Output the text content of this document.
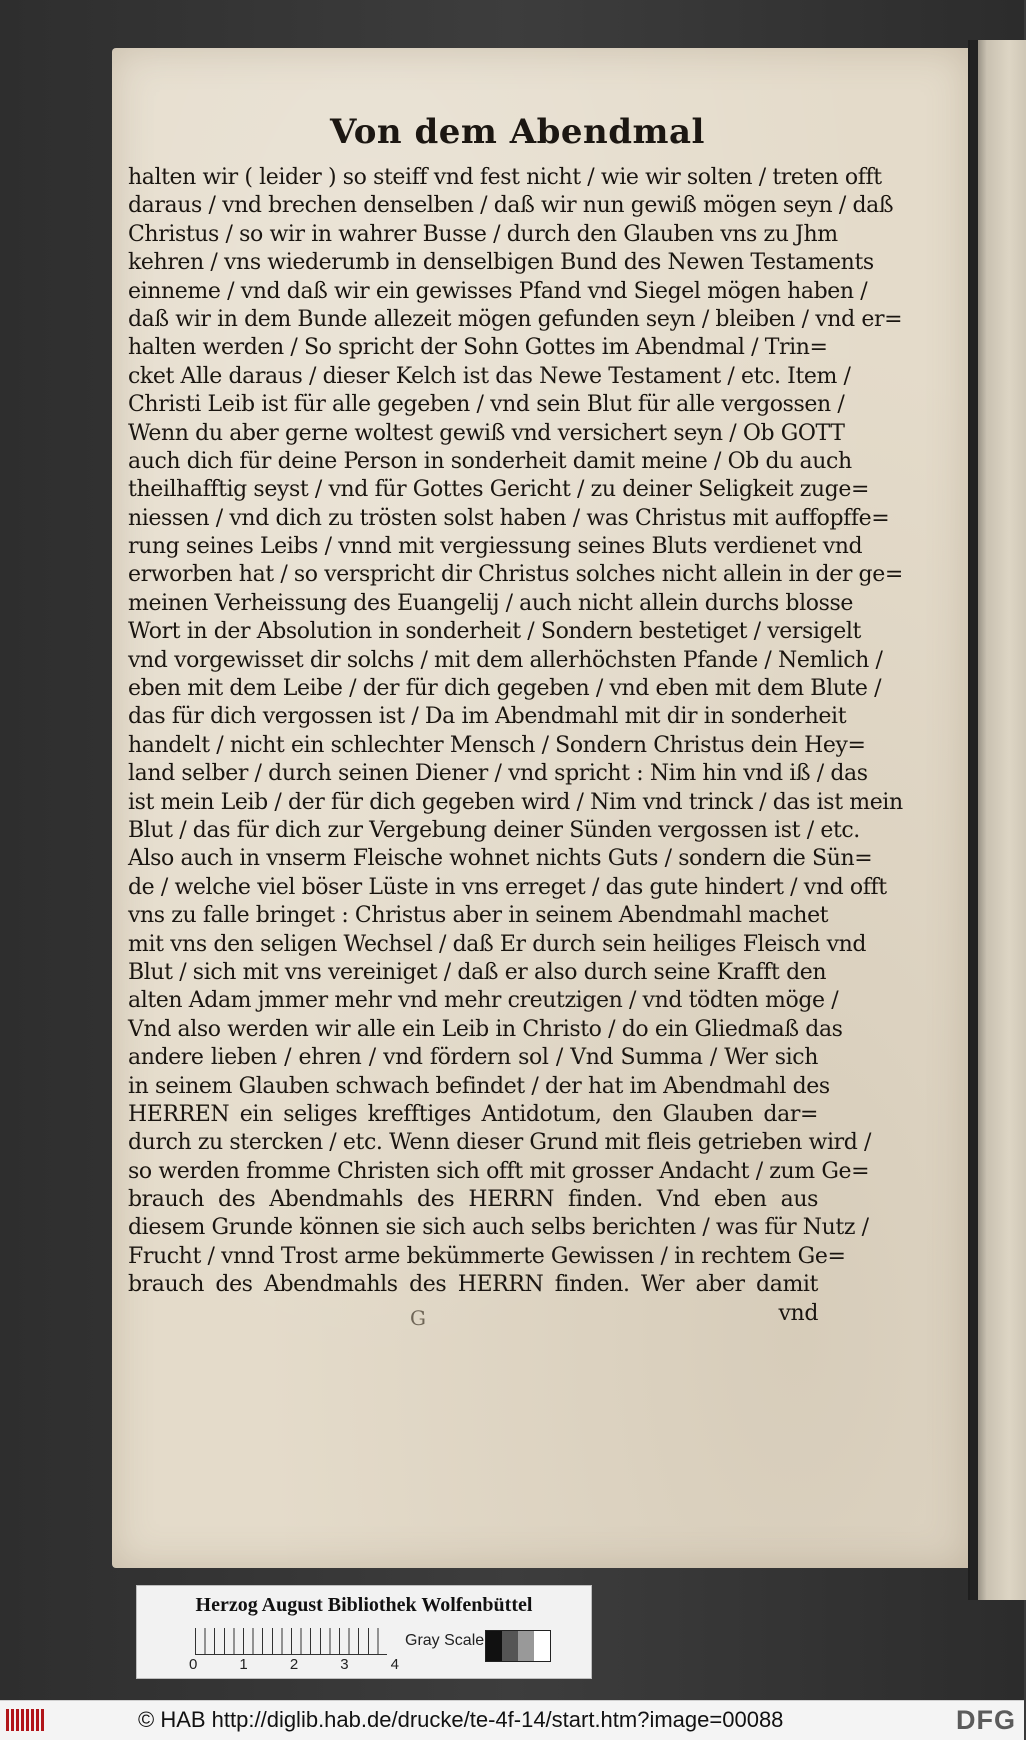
Von dem Abendmal
halten wir ( leider ) so steiff vnd fest nicht / wie wir solten / treten offt
daraus / vnd brechen denselben / daß wir nun gewiß mögen seyn / daß
Christus / so wir in wahrer Busse / durch den Glauben vns zu Jhm
kehren / vns wiederumb in denselbigen Bund des Newen Testaments
einneme / vnd daß wir ein gewisses Pfand vnd Siegel mögen haben /
daß wir in dem Bunde allezeit mögen gefunden seyn / bleiben / vnd er=
halten werden / So spricht der Sohn Gottes im Abendmal / Trin=
cket Alle daraus / dieser Kelch ist das Newe Testament / etc. Item /
Christi Leib ist für alle gegeben / vnd sein Blut für alle vergossen /
Wenn du aber gerne woltest gewiß vnd versichert seyn / Ob GOTT
auch dich für deine Person in sonderheit damit meine / Ob du auch
theilhafftig seyst / vnd für Gottes Gericht / zu deiner Seligkeit zuge=
niessen / vnd dich zu trösten solst haben / was Christus mit auffopffe=
rung seines Leibs / vnnd mit vergiessung seines Bluts verdienet vnd
erworben hat / so verspricht dir Christus solches nicht allein in der ge=
meinen Verheissung des Euangelij / auch nicht allein durchs blosse
Wort in der Absolution in sonderheit / Sondern bestetiget / versigelt
vnd vorgewisset dir solchs / mit dem allerhöchsten Pfande / Nemlich /
eben mit dem Leibe / der für dich gegeben / vnd eben mit dem Blute /
das für dich vergossen ist / Da im Abendmahl mit dir in sonderheit
handelt / nicht ein schlechter Mensch / Sondern Christus dein Hey=
land selber / durch seinen Diener / vnd spricht : Nim hin vnd iß / das
ist mein Leib / der für dich gegeben wird / Nim vnd trinck / das ist mein
Blut / das für dich zur Vergebung deiner Sünden vergossen ist / etc.
Also auch in vnserm Fleische wohnet nichts Guts / sondern die Sün=
de / welche viel böser Lüste in vns erreget / das gute hindert / vnd offt
vns zu falle bringet : Christus aber in seinem Abendmahl machet
mit vns den seligen Wechsel / daß Er durch sein heiliges Fleisch vnd
Blut / sich mit vns vereiniget / daß er also durch seine Krafft den
alten Adam jmmer mehr vnd mehr creutzigen / vnd tödten möge /
Vnd also werden wir alle ein Leib in Christo / do ein Gliedmaß das
andere lieben / ehren / vnd fördern sol / Vnd Summa / Wer sich
in seinem Glauben schwach befindet / der hat im Abendmahl des
HERREN ein seliges krefftiges Antidotum, den Glauben dar=
durch zu stercken / etc. Wenn dieser Grund mit fleis getrieben wird /
so werden fromme Christen sich offt mit grosser Andacht / zum Ge=
brauch des Abendmahls des HERRN finden. Vnd eben aus
diesem Grunde können sie sich auch selbs berichten / was für Nutz /
Frucht / vnnd Trost arme bekümmerte Gewissen / in rechtem Ge=
brauch des Abendmahls des HERRN finden. Wer aber damit
vnd
G
Herzog August Bibliothek Wolfenbüttel
0	1	2	3	4
Gray Scale
© HAB http://diglib.hab.de/drucke/te-4f-14/start.htm?image=00088	DFG
